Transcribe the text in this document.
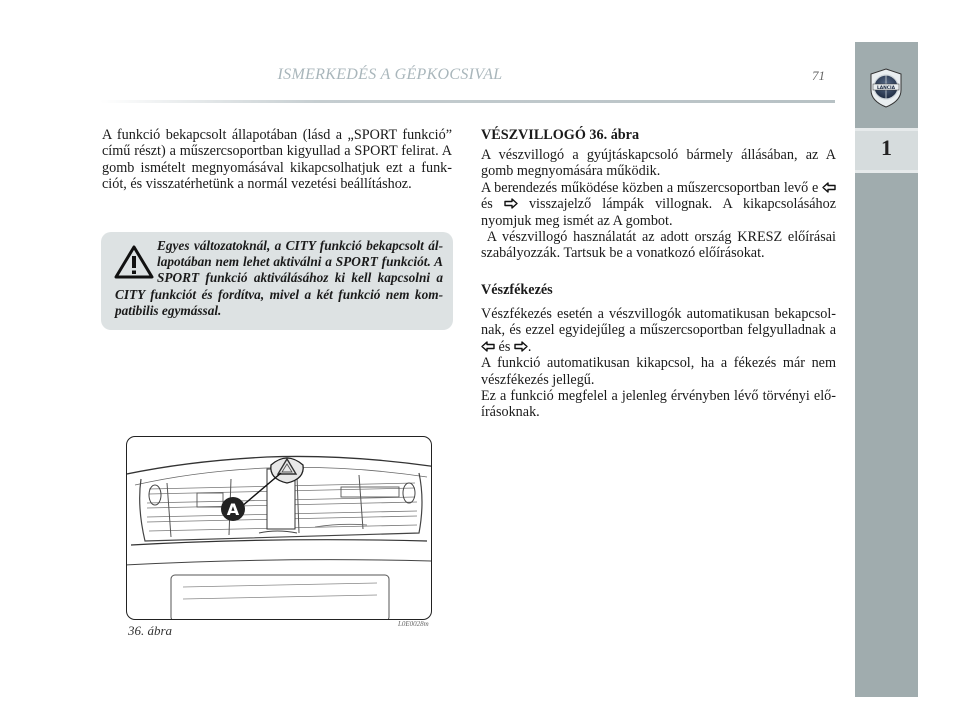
ISMERKEDÉS A GÉPKOCSIVAL	71
LANCIA
1

A funkció bekapcsolt állapotában (lásd a „SPORT funkció” című részt) a műszercsoportban kigyullad a SPORT felirat. A gomb ismételt megnyomásával kikapcsolhatjuk ezt a funkciót, és visszatérhetünk a normál vezetési beállításhoz.

Egyes változatoknál, a CITY funkció bekapcsolt állapotában nem lehet aktiválni a SPORT funkciót. A SPORT funkció aktiválásához ki kell kapcsolni a CITY funkciót és fordítva, mivel a két funkció nem kompatibilis egymással.

A
36. ábra	L0E0028m
VÉSZVILLOGÓ 36. ábra

A vészvillogó a gyújtáskapcsoló bármely állásában, az A gomb megnyomására működik.
A berendezés működése közben a műszercsoportban levő e  és	visszajelző lámpák villognak. A kikapcsolásához nyomjuk meg ismét az A gombot.
A vészvillogó használatát az adott ország KRESZ előírásai szabályozzák. Tartsuk be a vonatkozó előírásokat.

Vészfékezés

Vészfékezés esetén a vészvillogók automatikusan bekapcsolnak, és ezzel egyidejűleg a műszercsoportban felgyulladnak a  és .
A funkció automatikusan kikapcsol, ha a fékezés már nem vészfékezés jellegű.
Ez a funkció megfelel a jelenleg érvényben lévő törvényi előírásoknak.
